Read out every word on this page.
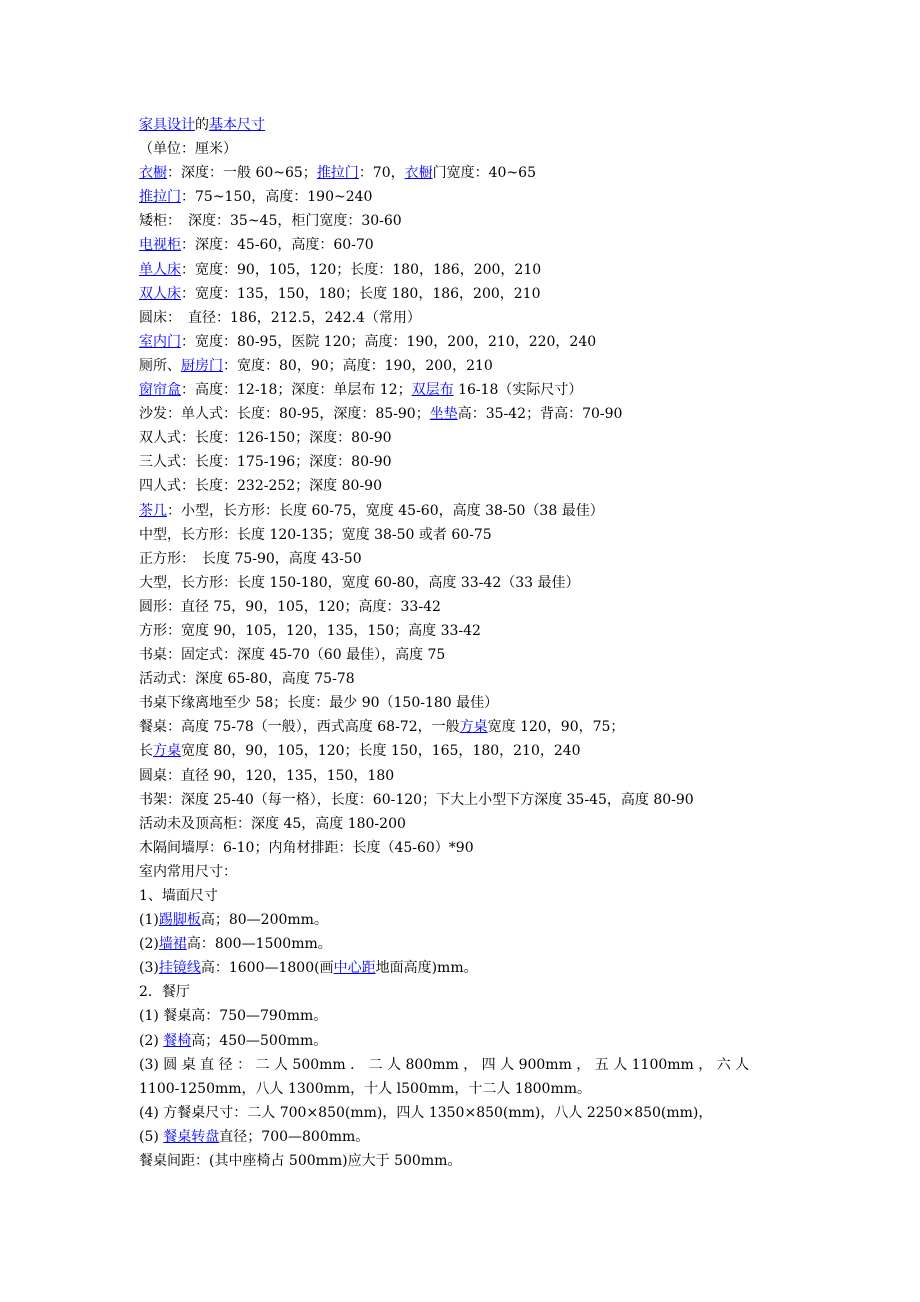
家具设计的基本尺寸
（单位：厘米）
衣橱：深度：一般 60~65；推拉门：70，衣橱门宽度：40~65
推拉门：75~150，高度：190~240
矮柜：　深度：35~45，柜门宽度：30-60
电视柜：深度：45-60，高度：60-70
单人床：宽度：90，105，120；长度：180，186，200，210
双人床：宽度：135，150，180；长度 180，186，200，210
圆床：　直径：186，212.5，242.4（常用）
室内门：宽度：80-95，医院 120；高度：190，200，210，220，240
厕所、厨房门：宽度：80，90；高度：190，200，210
窗帘盒：高度：12-18；深度：单层布 12；双层布 16-18（实际尺寸）
沙发：单人式：长度：80-95，深度：85-90；坐垫高：35-42；背高：70-90
双人式：长度：126-150；深度：80-90
三人式：长度：175-196；深度：80-90
四人式：长度：232-252；深度 80-90
茶几：小型，长方形：长度 60-75，宽度 45-60，高度 38-50（38 最佳）
中型，长方形：长度 120-135；宽度 38-50 或者 60-75
正方形：　长度 75-90，高度 43-50
大型，长方形：长度 150-180，宽度 60-80，高度 33-42（33 最佳）
圆形：直径 75，90，105，120；高度：33-42
方形：宽度 90，105，120，135，150；高度 33-42
书桌：固定式：深度 45-70（60 最佳），高度 75
活动式：深度 65-80，高度 75-78
书桌下缘离地至少 58；长度：最少 90（150-180 最佳）
餐桌：高度 75-78（一般），西式高度 68-72，一般方桌宽度 120，90，75；
长方桌宽度 80，90，105，120；长度 150，165，180，210，240
圆桌：直径 90，120，135，150，180
书架：深度 25-40（每一格），长度：60-120；下大上小型下方深度 35-45，高度 80-90
活动未及顶高柜：深度 45，高度 180-200
木隔间墙厚：6-10；内角材排距：长度（45-60）*90
室内常用尺寸：
1、墙面尺寸
(1)踢脚板高；80—200mm。
(2)墙裙高：800—1500mm。
(3)挂镜线高：1600—1800(画中心距地面高度)mm。
2．餐厅
(1) 餐桌高：750—790mm。
(2) 餐椅高；450—500mm。
(3) 圆 桌 直 径 ： 二 人 500mm ． 二 人 800mm ， 四 人 900mm ， 五 人 1100mm ， 六 人
1100-1250mm，八人 1300mm，十人 l500mm，十二人 1800mm。
(4) 方餐桌尺寸：二人 700×850(mm)，四人 1350×850(mm)，八人 2250×850(mm)，
(5) 餐桌转盘直径；700—800mm。
餐桌间距：(其中座椅占 500mm)应大于 500mm。
